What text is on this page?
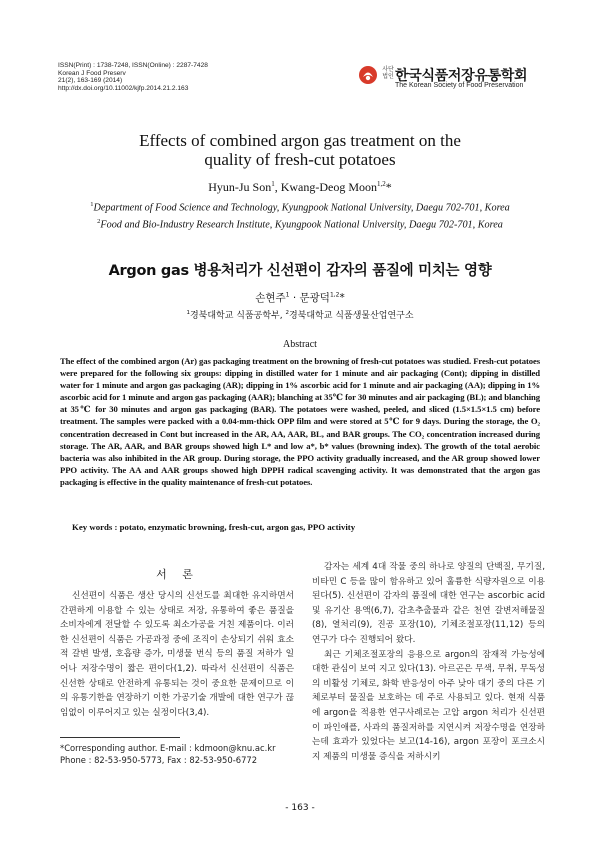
ISSN(Print) : 1738-7248, ISSN(Online) : 2287-7428
Korean J Food Preserv
21(2), 163-169 (2014)
http://dx.doi.org/10.11002/kjfp.2014.21.2.163
사단
법인 한국식품저장유통학회
The Korean Society of Food Preservation
Effects of combined argon gas treatment on the
quality of fresh-cut potatoes
Hyun-Ju Son$^1$, Kwang-Deog Moon$^{1,2}$*
$^1$Department of Food Science and Technology, Kyungpook National University, Daegu 702-701, Korea
$^2$Food and Bio-Industry Research Institute, Kyungpook National University, Daegu 702-701, Korea
Argon gas 병용처리가 신선편이 감자의 품질에 미치는 영향
손현주$^1$ · 문광덕$^{1,2}$*
$^1$경북대학교 식품공학부, $^2$경북대학교 식품생물산업연구소
Abstract
The effect of the combined argon (Ar) gas packaging treatment on the browning of fresh-cut potatoes was studied. Fresh-cut potatoes were prepared for the following six groups: dipping in distilled water for 1 minute and air packaging (Cont); dipping in distilled water for 1 minute and argon gas packaging (AR); dipping in 1% ascorbic acid for 1 minute and air packaging (AA); dipping in 1% ascorbic acid for 1 minute and argon gas packaging (AAR); blanching at 35℃ for 30 minutes and air packaging (BL); and blanching at 35℃ for 30 minutes and argon gas packaging (BAR). The potatoes were washed, peeled, and sliced (1.5×1.5×1.5 cm) before treatment. The samples were packed with a 0.04-mm-thick OPP film and were stored at 5℃ for 9 days. During the storage, the O₂ concentration decreased in Cont but increased in the AR, AA, AAR, BL, and BAR groups. The CO₂ concentration increased during storage. The AR, AAR, and BAR groups showed high L* and low a*, b* values (browning index). The growth of the total aerobic bacteria was also inhibited in the AR group. During storage, the PPO activity gradually increased, and the AR group showed lower PPO activity. The AA and AAR groups showed high DPPH radical scavenging activity. It was demonstrated that the argon gas packaging is effective in the quality maintenance of fresh-cut potatoes.
Key words : potato, enzymatic browning, fresh-cut, argon gas, PPO activity
서 론

신선편이 식품은 생산 당시의 신선도를 최대한 유지하면서 간편하게 이용할 수 있는 상태로 저장, 유통하여 좋은 품질을 소비자에게 전달할 수 있도록 최소가공을 거친 제품이다. 이러한 신선편이 식품은 가공과정 중에 조직이 손상되기 쉬워 효소적 갈변 발생, 호흡량 증가, 미생물 번식 등의 품질 저하가 일어나 저장수명이 짧은 편이다(1,2). 따라서 신선편이 식품은 신선한 상태로 안전하게 유통되는 것이 중요한 문제이므로 이의 유통기한을 연장하기 이한 가공기술 개발에 대한 연구가 끊임없이 이루어지고 있는 실정이다(3,4).

감자는 세계 4대 작물 중의 하나로 양질의 단백질, 무기질, 비타민 C 등을 많이 함유하고 있어 훌륭한 식량자원으로 이용된다(5). 신선편이 감자의 품질에 대한 연구는 ascorbic acid 및 유기산 용액(6,7), 감초추출물과 같은 천연 갈변저해물질(8), 열처리(9), 진공 포장(10), 기체조절포장(11,12) 등의 연구가 다수 진행되어 왔다.

최근 기체조절포장의 응용으로 argon의 잠재적 가능성에 대한 관심이 보여 지고 있다(13). 아르곤은 무색, 무취, 무독성의 비활성 기체로, 화학 반응성이 아주 낮아 대기 중의 다른 기체로부터 물질을 보호하는 데 주로 사용되고 있다. 현재 식품에 argon을 적용한 연구사례로는 고압 argon 처리가 신선편이 파인애플, 사과의 품질저하를 지연시켜 저장수명을 연장하는데 효과가 있었다는 보고(14-16), argon 포장이 포크소시지 제품의 미생물 증식을 저하시키

*Corresponding author. E-mail : kdmoon@knu.ac.kr
Phone : 82-53-950-5773, Fax : 82-53-950-6772
- 163 -
